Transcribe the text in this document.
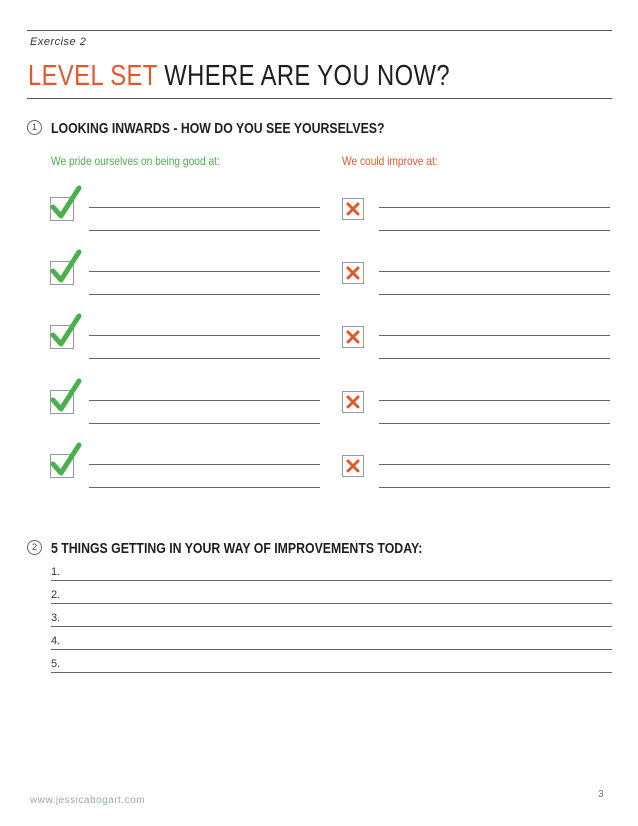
Exercise 2
LEVEL SET WHERE ARE YOU NOW?
1 LOOKING INWARDS - HOW DO YOU SEE YOURSELVES?
We pride ourselves on being good at:	We could improve at:
2 5 THINGS GETTING IN YOUR WAY OF IMPROVEMENTS TODAY:
1.
2.
3.
4.
5.
www.jessicabogart.com
3
